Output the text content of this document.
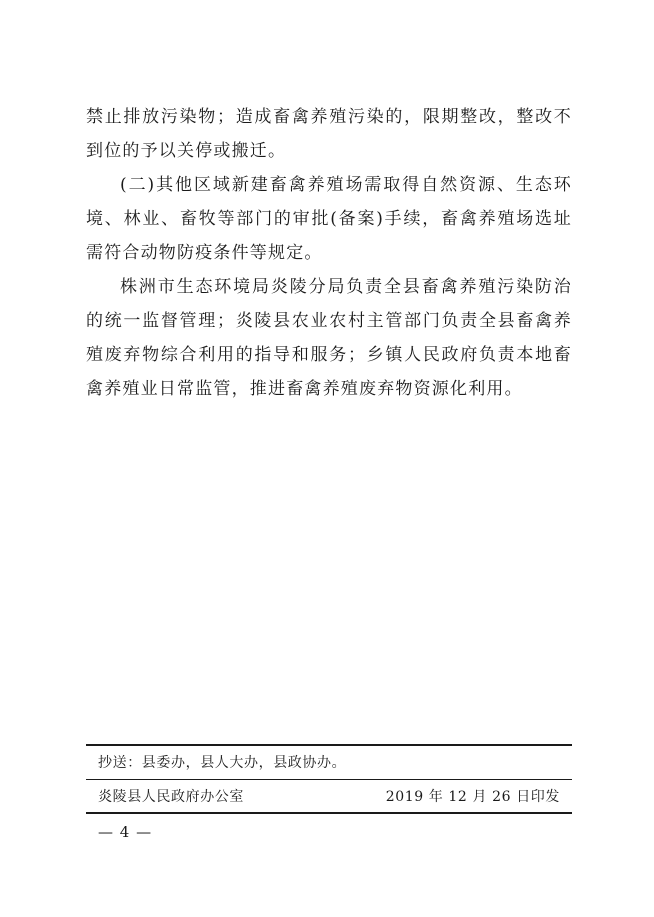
禁止排放污染物；造成畜禽养殖污染的，限期整改，整改不到位的予以关停或搬迁。

(二)其他区域新建畜禽养殖场需取得自然资源、生态环境、林业、畜牧等部门的审批(备案)手续，畜禽养殖场选址需符合动物防疫条件等规定。

株洲市生态环境局炎陵分局负责全县畜禽养殖污染防治的统一监督管理；炎陵县农业农村主管部门负责全县畜禽养殖废弃物综合利用的指导和服务；乡镇人民政府负责本地畜禽养殖业日常监管，推进畜禽养殖废弃物资源化利用。

抄送：县委办，县人大办，县政协办。
炎陵县人民政府办公室	2019 年 12 月 26 日印发
— 4 —
